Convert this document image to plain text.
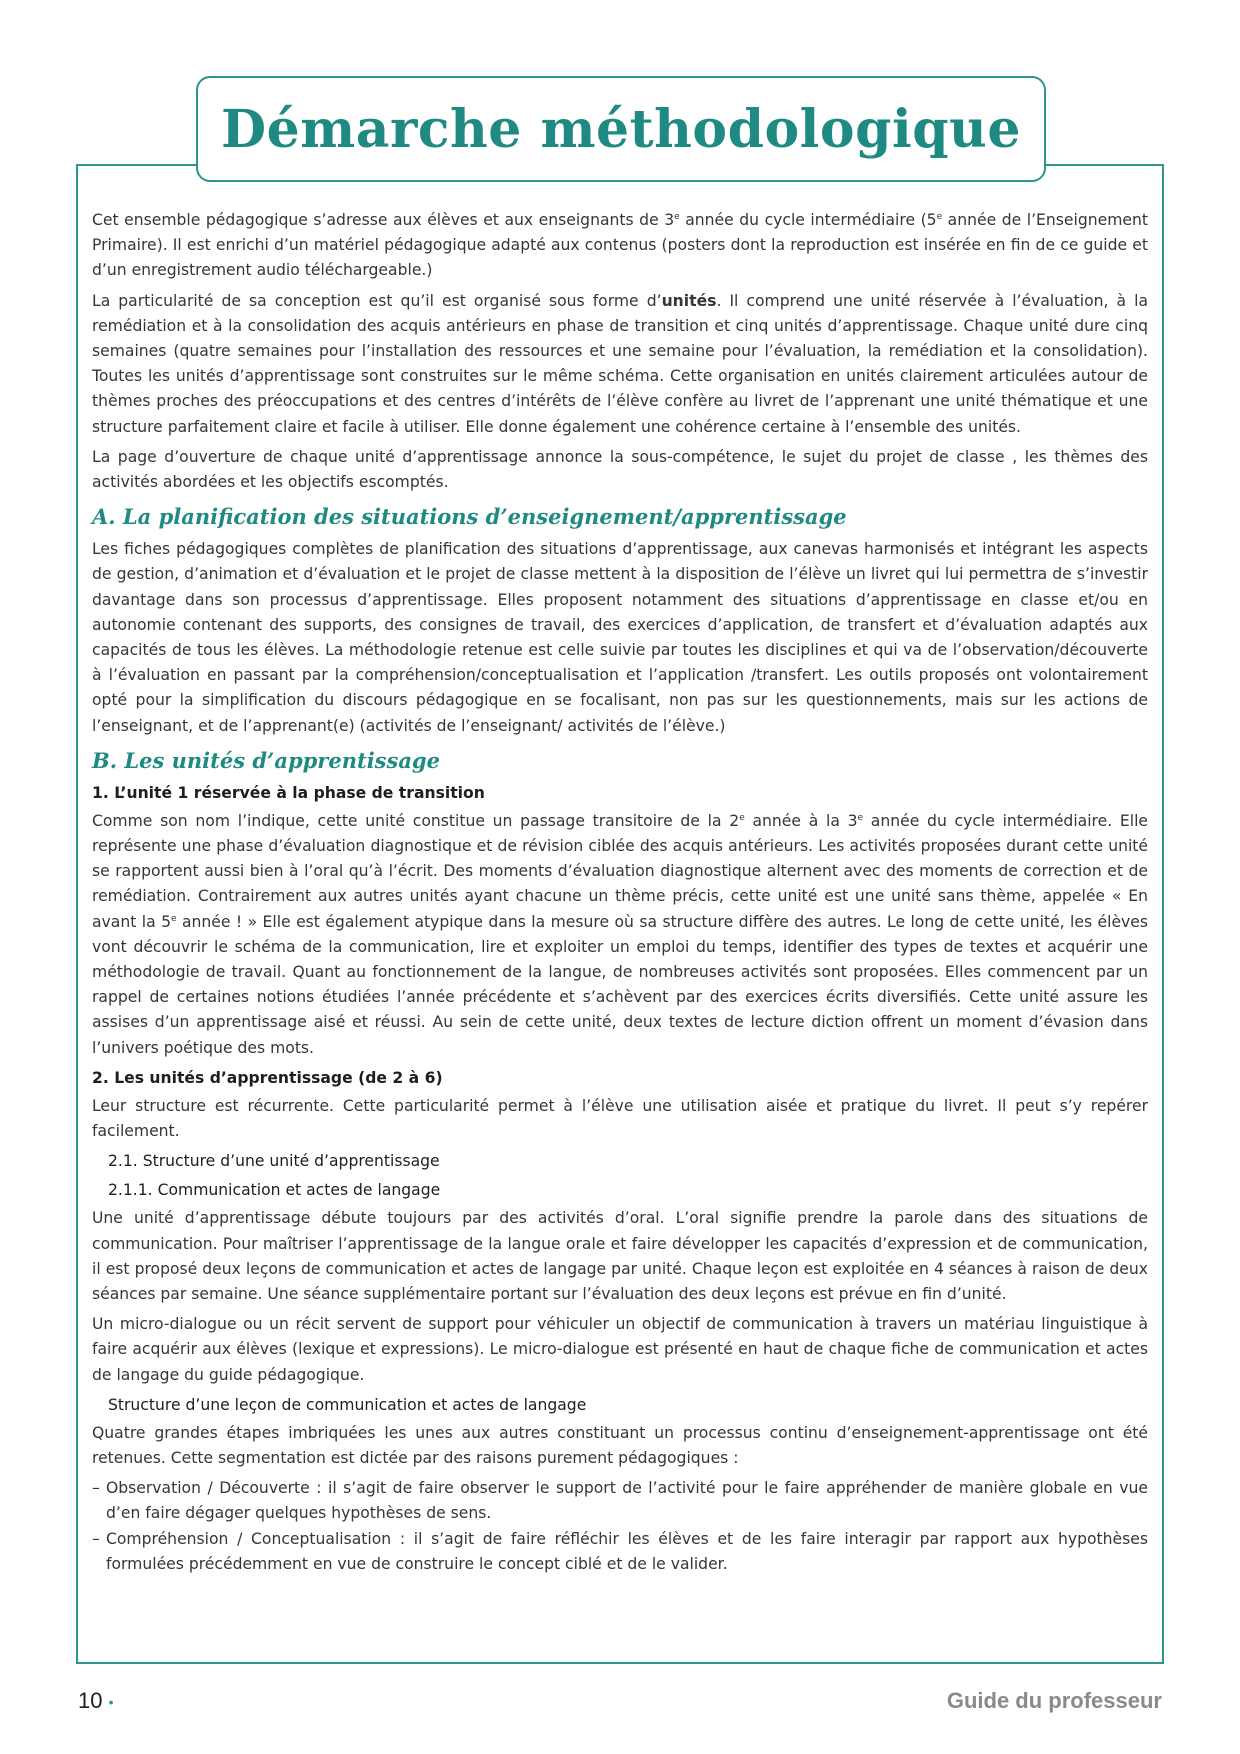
Démarche méthodologique

Cet ensemble pédagogique s’adresse aux élèves et aux enseignants de 3e année du cycle intermédiaire (5e année de l’Enseignement Primaire). Il est enrichi d’un matériel pédagogique adapté aux contenus (posters dont la reproduction est insérée en fin de ce guide et d’un enregistrement audio téléchargeable.)

La particularité de sa conception est qu’il est organisé sous forme d’unités. Il comprend une unité réservée à l’évaluation, à la remédiation et à la consolidation des acquis antérieurs en phase de transition et cinq unités d’apprentissage. Chaque unité dure cinq semaines (quatre semaines pour l’installation des ressources et une semaine pour l’évaluation, la remédiation et la consolidation). Toutes les unités d’apprentissage sont construites sur le même schéma. Cette organisation en unités clairement articulées autour de thèmes proches des préoccupations et des centres d’intérêts de l’élève confère au livret de l’apprenant une unité thématique et une structure parfaitement claire et facile à utiliser. Elle donne également une cohérence certaine à l’ensemble des unités.

La page d’ouverture de chaque unité d’apprentissage annonce la sous-compétence, le sujet du projet de classe , les thèmes des activités abordées et les objectifs escomptés.

A. La planification des situations d’enseignement/apprentissage

Les fiches pédagogiques complètes de planification des situations d’apprentissage, aux canevas harmonisés et intégrant les aspects de gestion, d’animation et d’évaluation et le projet de classe mettent à la disposition de l’élève un livret qui lui permettra de s’investir davantage dans son processus d’apprentissage. Elles proposent notamment des situations d’apprentissage en classe et/ou en autonomie contenant des supports, des consignes de travail, des exercices d’application, de transfert et d’évaluation adaptés aux capacités de tous les élèves. La méthodologie retenue est celle suivie par toutes les disciplines et qui va de l’observation/découverte à l’évaluation en passant par la compréhension/conceptualisation et l’application /transfert. Les outils proposés ont volontairement opté pour la simplification du discours pédagogique en se focalisant, non pas sur les questionnements, mais sur les actions de l’enseignant, et de l’apprenant(e) (activités de l’enseignant/ activités de l’élève.)

B. Les unités d’apprentissage
1. L’unité 1 réservée à la phase de transition

Comme son nom l’indique, cette unité constitue un passage transitoire de la 2e année à la 3e année du cycle intermédiaire. Elle représente une phase d’évaluation diagnostique et de révision ciblée des acquis antérieurs. Les activités proposées durant cette unité se rapportent aussi bien à l’oral qu’à l’écrit. Des moments d’évaluation diagnostique alternent avec des moments de correction et de remédiation. Contrairement aux autres unités ayant chacune un thème précis, cette unité est une unité sans thème, appelée « En avant la 5e année ! » Elle est également atypique dans la mesure où sa structure diffère des autres. Le long de cette unité, les élèves vont découvrir le schéma de la communication, lire et exploiter un emploi du temps, identifier des types de textes et acquérir une méthodologie de travail. Quant au fonctionnement de la langue, de nombreuses activités sont proposées. Elles commencent par un rappel de certaines notions étudiées l’année précédente et s’achèvent par des exercices écrits diversifiés. Cette unité assure les assises d’un apprentissage aisé et réussi. Au sein de cette unité, deux textes de lecture diction offrent un moment d’évasion dans l’univers poétique des mots.

2. Les unités d’apprentissage (de 2 à 6)

Leur structure est récurrente. Cette particularité permet à l’élève une utilisation aisée et pratique du livret. Il peut s’y repérer facilement.

2.1. Structure d’une unité d’apprentissage
2.1.1. Communication et actes de langage

Une unité d’apprentissage débute toujours par des activités d’oral. L’oral signifie prendre la parole dans des situations de communication. Pour maîtriser l’apprentissage de la langue orale et faire développer les capacités d’expression et de communication, il est proposé deux leçons de communication et actes de langage par unité. Chaque leçon est exploitée en 4 séances à raison de deux séances par semaine. Une séance supplémentaire portant sur l’évaluation des deux leçons est prévue en fin d’unité.

Un micro-dialogue ou un récit servent de support pour véhiculer un objectif de communication à travers un matériau linguistique à faire acquérir aux élèves (lexique et expressions). Le micro-dialogue est présenté en haut de chaque fiche de communication et actes de langage du guide pédagogique.

Structure d’une leçon de communication et actes de langage

Quatre grandes étapes imbriquées les unes aux autres constituant un processus continu d’enseignement-apprentissage ont été retenues. Cette segmentation est dictée par des raisons purement pédagogiques :

– Observation / Découverte : il s’agit de faire observer le support de l’activité pour le faire appréhender de manière globale en vue d’en faire dégager quelques hypothèses de sens.
– Compréhension / Conceptualisation : il s’agit de faire réfléchir les élèves et de les faire interagir par rapport aux hypothèses formulées précédemment en vue de construire le concept ciblé et de le valider.
10 •	Guide du professeur
